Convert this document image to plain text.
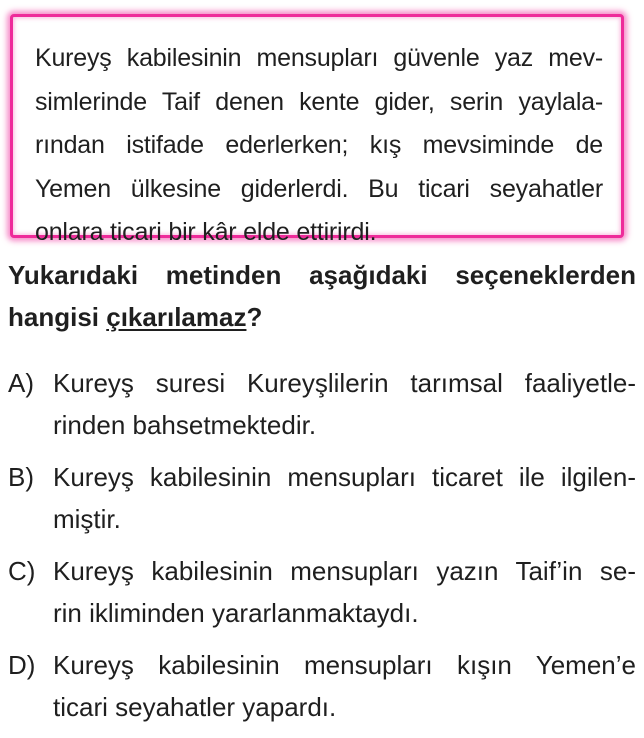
Kureyş kabilesinin mensupları güvenle yaz mev-
simlerinde Taif denen kente gider, serin yaylala-
rından istifade ederlerken; kış mevsiminde de
Yemen ülkesine giderlerdi. Bu ticari seyahatler
onlara ticari bir kâr elde ettirirdi.
Yukarıdaki metinden aşağıdaki seçeneklerden
hangisi çıkarılamaz?
A) Kureyş suresi Kureyşlilerin tarımsal faaliyetle-
rinden bahsetmektedir.
B) Kureyş kabilesinin mensupları ticaret ile ilgilen-
miştir.
C) Kureyş kabilesinin mensupları yazın Taif’in se-
rin ikliminden yararlanmaktaydı.
D) Kureyş kabilesinin mensupları kışın Yemen’e
ticari seyahatler yapardı.
